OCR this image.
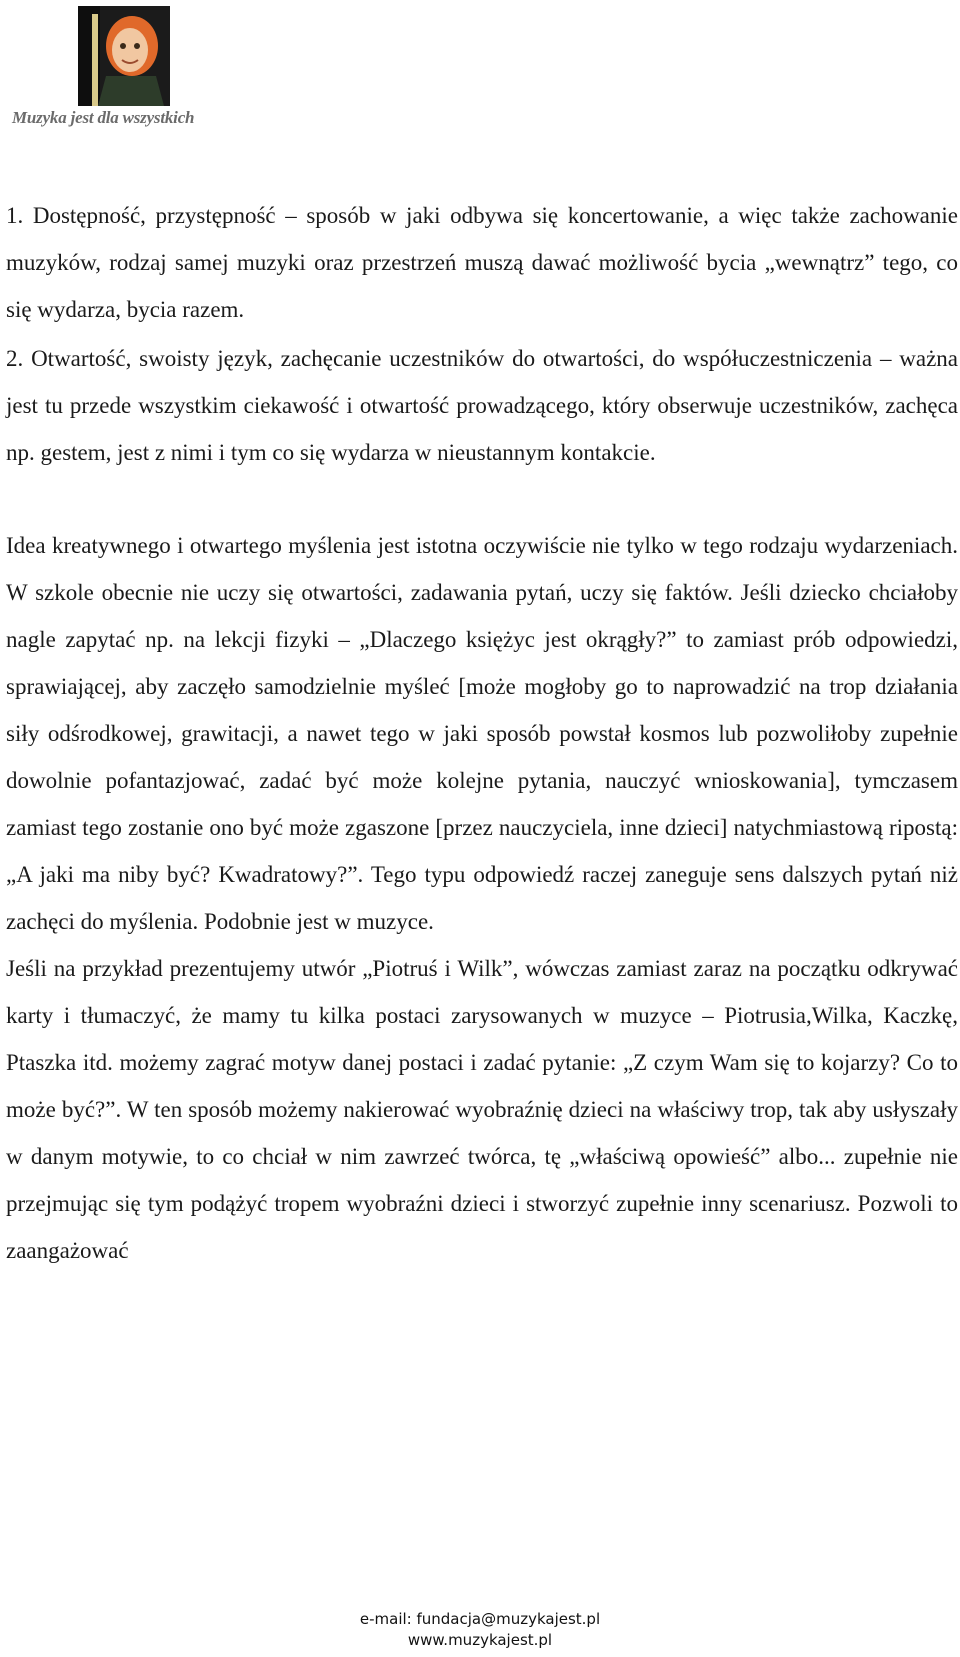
Muzyka jest dla wszystkich

1. Dostępność, przystępność – sposób w jaki odbywa się koncertowanie, a więc także zachowanie muzyków, rodzaj samej muzyki oraz przestrzeń muszą dawać możliwość bycia „wewnątrz” tego, co się wydarza, bycia razem.

2. Otwartość, swoisty język, zachęcanie uczestników do otwartości, do współuczestniczenia – ważna jest tu przede wszystkim ciekawość i otwartość prowadzącego, który obserwuje uczestników, zachęca np. gestem, jest z nimi i tym co się wydarza w nieustannym kontakcie.

Idea kreatywnego i otwartego myślenia jest istotna oczywiście nie tylko w tego rodzaju wydarzeniach. W szkole obecnie nie uczy się otwartości, zadawania pytań, uczy się faktów. Jeśli dziecko chciałoby nagle zapytać np. na lekcji fizyki – „Dlaczego księżyc jest okrągły?” to zamiast prób odpowiedzi, sprawiającej, aby zaczęło samodzielnie myśleć [może mogłoby go to naprowadzić na trop działania siły odśrodkowej, grawitacji, a nawet tego w jaki sposób powstał kosmos lub pozwoliłoby zupełnie dowolnie pofantazjować, zadać być może kolejne pytania, nauczyć wnioskowania], tymczasem zamiast tego zostanie ono być może zgaszone [przez nauczyciela, inne dzieci] natychmiastową ripostą: „A jaki ma niby być? Kwadratowy?”. Tego typu odpowiedź raczej zaneguje sens dalszych pytań niż zachęci do myślenia. Podobnie jest w muzyce.

Jeśli na przykład prezentujemy utwór „Piotruś i Wilk”, wówczas zamiast zaraz na początku odkrywać karty i tłumaczyć, że mamy tu kilka postaci zarysowanych w muzyce – Piotrusia,Wilka, Kaczkę, Ptaszka itd. możemy zagrać motyw danej postaci i zadać pytanie: „Z czym Wam się to kojarzy? Co to może być?”. W ten sposób możemy nakierować wyobraźnię dzieci na właściwy trop, tak aby usłyszały w danym motywie, to co chciał w nim zawrzeć twórca, tę „właściwą opowieść” albo... zupełnie nie przejmując się tym podążyć tropem wyobraźni dzieci i stworzyć zupełnie inny scenariusz. Pozwoli to zaangażować

e-mail: fundacja@muzykajest.pl
www.muzykajest.pl
